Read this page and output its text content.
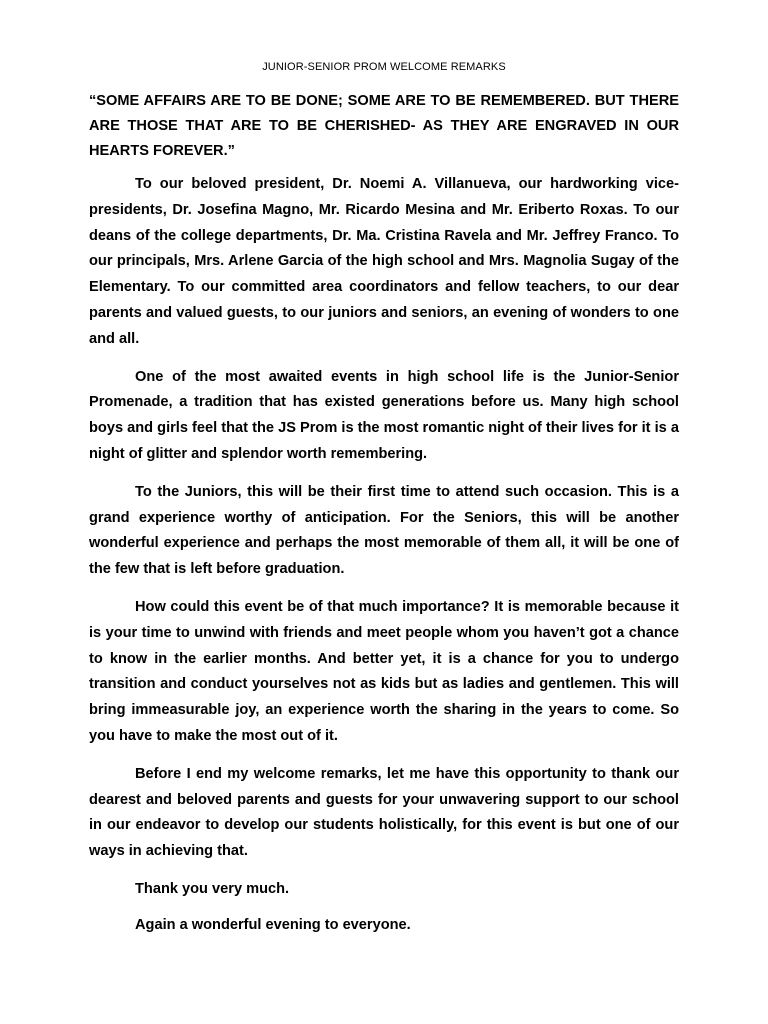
JUNIOR-SENIOR PROM WELCOME REMARKS

“SOME AFFAIRS ARE TO BE DONE; SOME ARE TO BE REMEMBERED. BUT THERE ARE THOSE THAT ARE TO BE CHERISHED- AS THEY ARE ENGRAVED IN OUR HEARTS FOREVER.”

To our beloved president, Dr. Noemi A. Villanueva, our hardworking vice-presidents, Dr. Josefina Magno, Mr. Ricardo Mesina and Mr. Eriberto Roxas. To our deans of the college departments, Dr. Ma. Cristina Ravela and Mr. Jeffrey Franco. To our principals, Mrs. Arlene Garcia of the high school and Mrs. Magnolia Sugay of the Elementary. To our committed area coordinators and fellow teachers, to our dear parents and valued guests, to our juniors and seniors, an evening of wonders to one and all.

One of the most awaited events in high school life is the Junior-Senior Promenade, a tradition that has existed generations before us. Many high school boys and girls feel that the JS Prom is the most romantic night of their lives for it is a night of glitter and splendor worth remembering.

To the Juniors, this will be their first time to attend such occasion. This is a grand experience worthy of anticipation. For the Seniors, this will be another wonderful experience and perhaps the most memorable of them all, it will be one of the few that is left before graduation.

How could this event be of that much importance? It is memorable because it is your time to unwind with friends and meet people whom you haven’t got a chance to know in the earlier months. And better yet, it is a chance for you to undergo transition and conduct yourselves not as kids but as ladies and gentlemen. This will bring immeasurable joy, an experience worth the sharing in the years to come. So you have to make the most out of it.

Before I end my welcome remarks, let me have this opportunity to thank our dearest and beloved parents and guests for your unwavering support to our school in our endeavor to develop our students holistically, for this event is but one of our ways in achieving that.

Thank you very much.

Again a wonderful evening to everyone.
